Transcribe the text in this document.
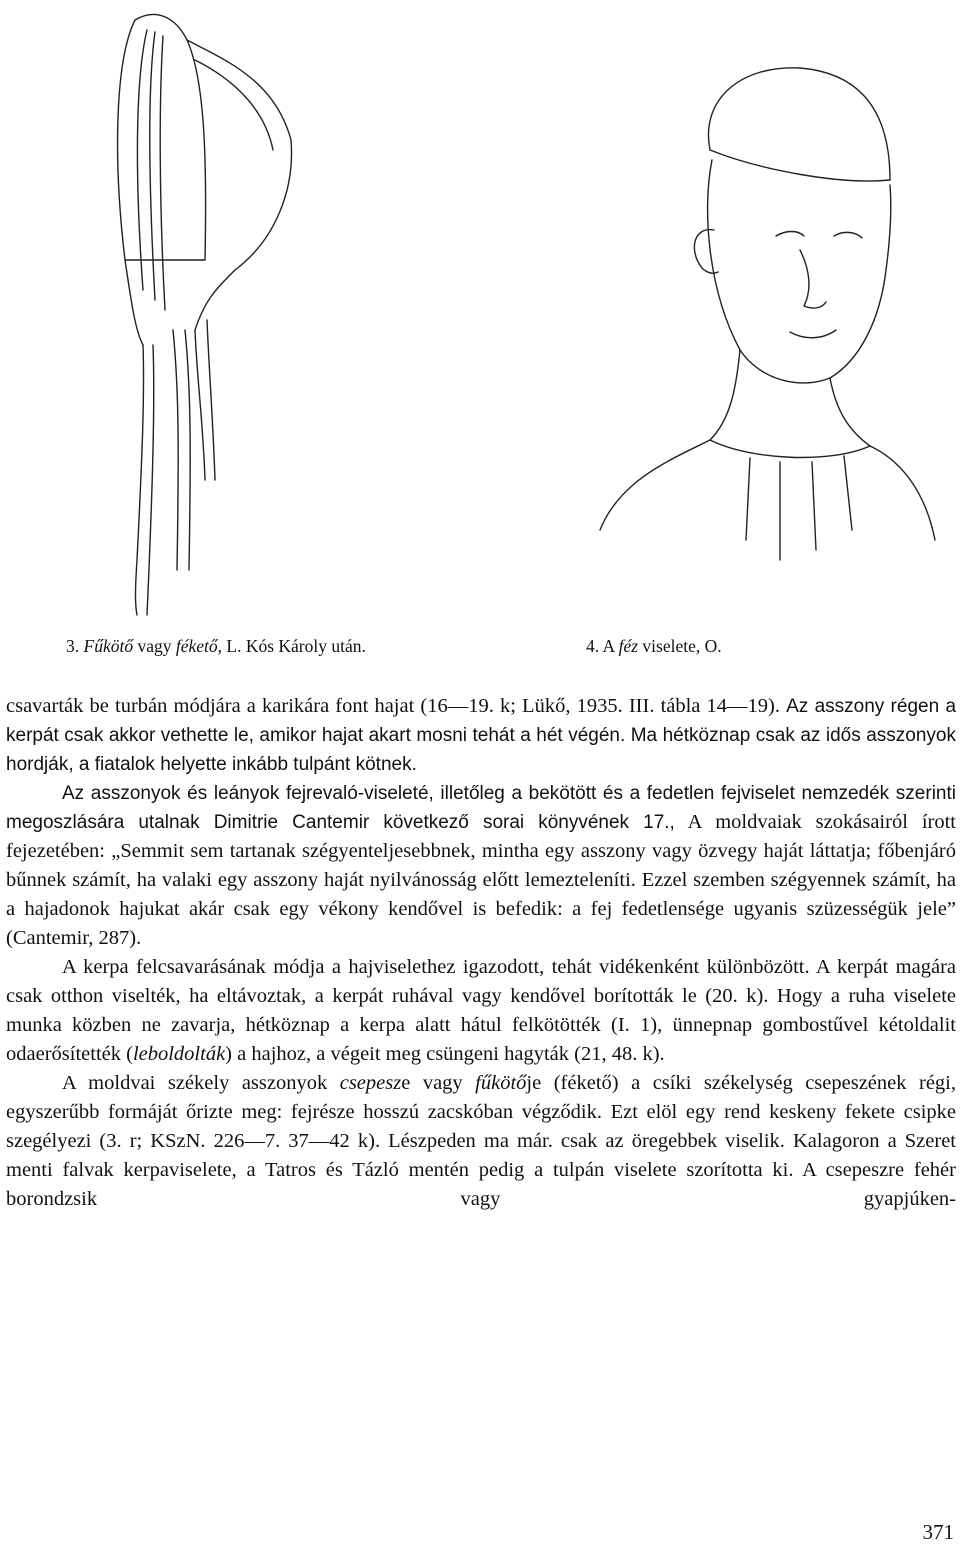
3. Fűkötő vagy fékető, L. Kós Károly után.	4. A féz viselete, O.

csavarták be turbán módjára a karikára font hajat (16—19. k; Lükő, 1935. III. tábla 14—19). Az asszony régen a kerpát csak akkor vethette le, amikor hajat akart mosni tehát a hét végén. Ma hétköznap csak az idős asszonyok hordják, a fiatalok helyette inkább tulpánt kötnek.

Az asszonyok és leányok fejrevaló-viseleté, illetőleg a bekötött és a fedetlen fejviselet nemzedék szerinti megoszlására utalnak Dimitrie Cantemir következő sorai könyvének 17., A moldvaiak szokásairól írott fejezetében: „Semmit sem tartanak szégyenteljesebbnek, mintha egy asszony vagy özvegy haját láttatja; főbenjáró bűnnek számít, ha valaki egy asszony haját nyilvánosság előtt lemezteleníti. Ezzel szemben szégyennek számít, ha a hajadonok hajukat akár csak egy vékony kendővel is befedik: a fej fedetlensége ugyanis szüzességük jele” (Cantemir, 287).

A kerpa felcsavarásának módja a hajviselethez igazodott, tehát vidékenként különbözött. A kerpát magára csak otthon viselték, ha eltávoztak, a kerpát ruhával vagy kendővel borították le (20. k). Hogy a ruha viselete munka közben ne zavarja, hétköznap a kerpa alatt hátul felkötötték (I. 1), ünnepnap gombostűvel kétoldalit odaerősítették (leboldolták) a hajhoz, a végeit meg csüngeni hagyták (21, 48. k).

A moldvai székely asszonyok csepesze vagy fűkötője (fékető) a csíki székelység csepeszének régi, egyszerűbb formáját őrizte meg: fejrésze hosszú zacskóban végződik. Ezt elöl egy rend keskeny fekete csipke szegélyezi (3. r; KSzN. 226—7. 37—42 k). Lészpeden ma már. csak az öregebbek viselik. Kalagoron a Szeret menti falvak kerpaviselete, a Tatros és Tázló mentén pedig a tulpán viselete szorította ki. A csepeszre fehér borondzsik vagy gyapjúken-

371
